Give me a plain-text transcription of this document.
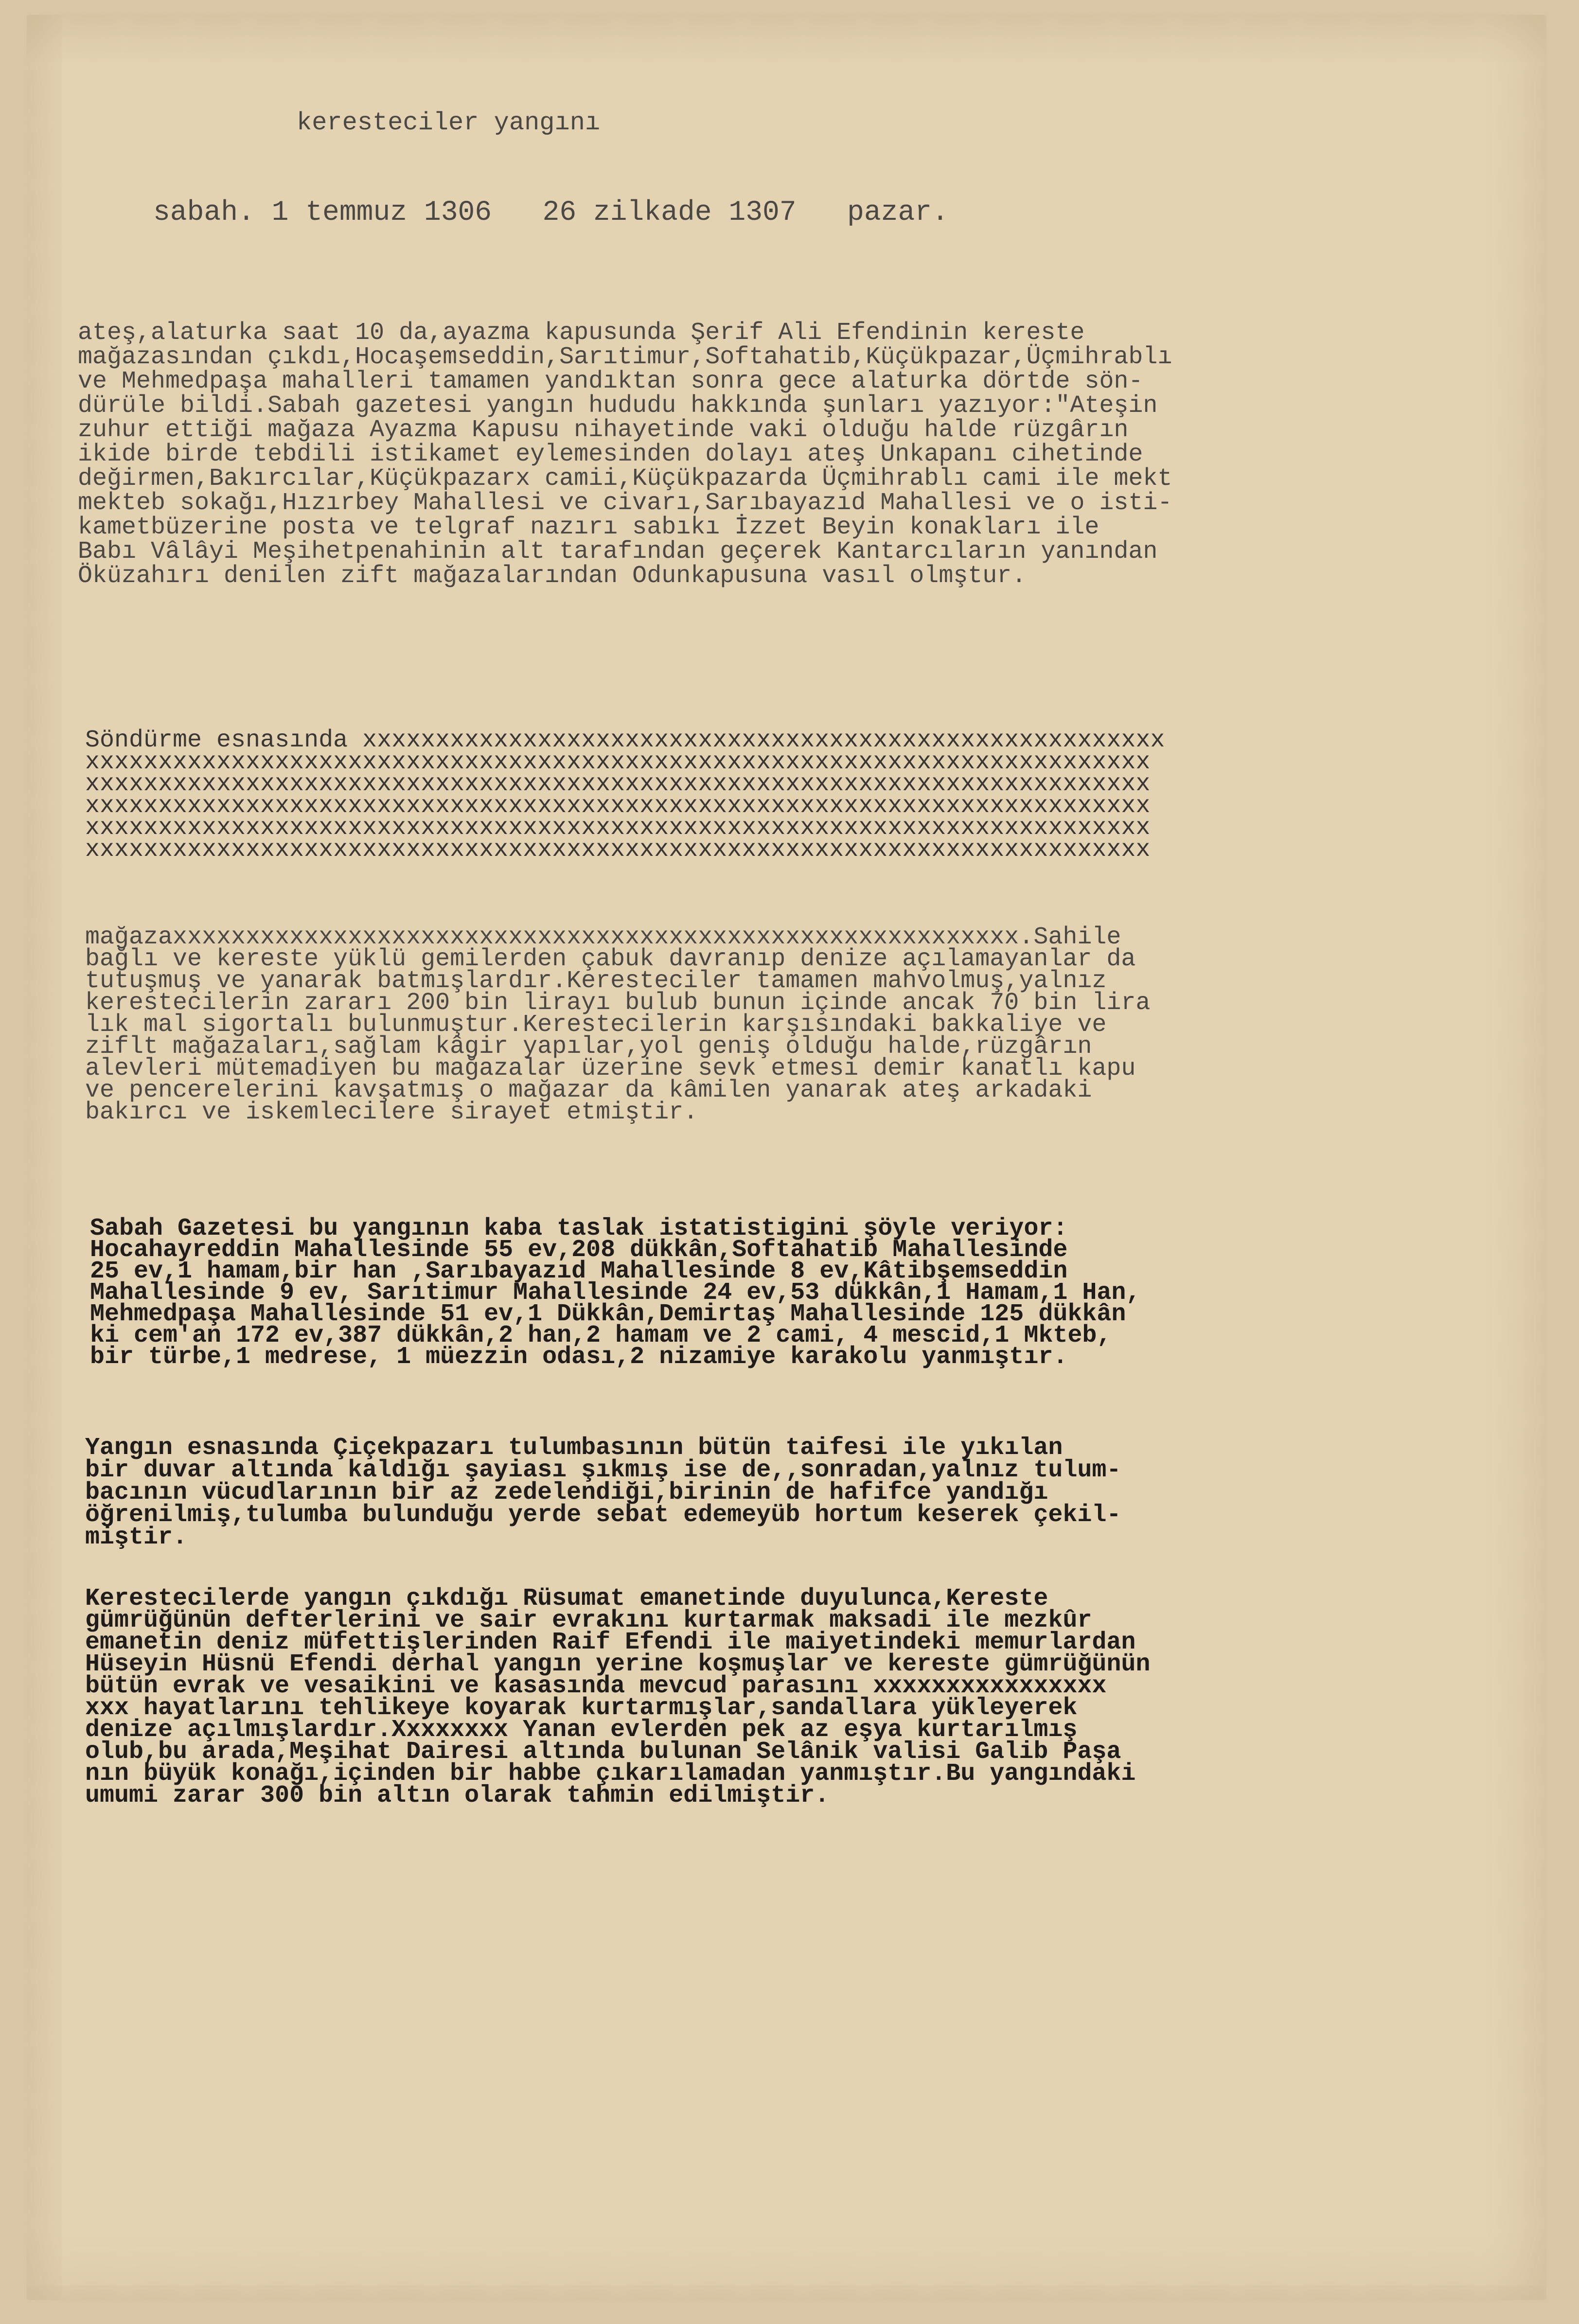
keresteciler yangını
sabah. 1 temmuz 1306   26 zilkade 1307   pazar.
ateş,alaturka saat 10 da,ayazma kapusunda Şerif Ali Efendinin kereste
mağazasından çıkdı,Hocaşemseddin,Sarıtimur,Softahatib,Küçükpazar,Üçmihrablı
ve Mehmedpaşa mahalleri tamamen yandıktan sonra gece alaturka dörtde sön-
dürüle bildi.Sabah gazetesi yangın hududu hakkında şunları yazıyor:"Ateşin
zuhur ettiği mağaza Ayazma Kapusu nihayetinde vaki olduğu halde rüzgârın
ikide birde tebdili istikamet eylemesinden dolayı ateş Unkapanı cihetinde
değirmen,Bakırcılar,Küçükpazarx camii,Küçükpazarda Üçmihrablı cami ile mekt
mekteb sokağı,Hızırbey Mahallesi ve civarı,Sarıbayazıd Mahallesi ve o isti-
kametbüzerine posta ve telgraf nazırı sabıkı İzzet Beyin konakları ile
Babı Vâlâyi Meşihetpenahinin alt tarafından geçerek Kantarcıların yanından
Öküzahırı denilen zift mağazalarından Odunkapusuna vasıl olmştur.
Söndürme esnasında xxxxxxxxxxxxxxxxxxxxxxxxxxxxxxxxxxxxxxxxxxxxxxxxxxxxxxx
xxxxxxxxxxxxxxxxxxxxxxxxxxxxxxxxxxxxxxxxxxxxxxxxxxxxxxxxxxxxxxxxxxxxxxxxx
xxxxxxxxxxxxxxxxxxxxxxxxxxxxxxxxxxxxxxxxxxxxxxxxxxxxxxxxxxxxxxxxxxxxxxxxx
xxxxxxxxxxxxxxxxxxxxxxxxxxxxxxxxxxxxxxxxxxxxxxxxxxxxxxxxxxxxxxxxxxxxxxxxx
xxxxxxxxxxxxxxxxxxxxxxxxxxxxxxxxxxxxxxxxxxxxxxxxxxxxxxxxxxxxxxxxxxxxxxxxx
xxxxxxxxxxxxxxxxxxxxxxxxxxxxxxxxxxxxxxxxxxxxxxxxxxxxxxxxxxxxxxxxxxxxxxxxx
mağazaxxxxxxxxxxxxxxxxxxxxxxxxxxxxxxxxxxxxxxxxxxxxxxxxxxxxxxxxxx.Sahile
bağlı ve kereste yüklü gemilerden çabuk davranıp denize açılamayanlar da
tutuşmuş ve yanarak batmışlardır.Keresteciler tamamen mahvolmuş,yalnız
kerestecilerin zararı 200 bin lirayı bulub bunun içinde ancak 70 bin lira
lık mal sigortalı bulunmuştur.Kerestecilerin karşısındaki bakkaliye ve
ziflt mağazaları,sağlam kâgir yapılar,yol geniş olduğu halde,rüzgârın
alevleri mütemadiyen bu mağazalar üzerine sevk etmesi demir kanatlı kapu
ve pencerelerini kavşatmış o mağazar da kâmilen yanarak ateş arkadaki
bakırcı ve iskemlecilere sirayet etmiştir.
Sabah Gazetesi bu yangının kaba taslak istatistigini şöyle veriyor:
Hocahayreddin Mahallesinde 55 ev,208 dükkân,Softahatib Mahallesinde
25 ev,1 hamam,bir han ,Sarıbayazıd Mahallesinde 8 ev,Kâtibşemseddin
Mahallesinde 9 ev, Sarıtimur Mahallesinde 24 ev,53 dükkân,1 Hamam,1 Han,
Mehmedpaşa Mahallesinde 51 ev,1 Dükkân,Demirtaş Mahallesinde 125 dükkân
ki cem'an 172 ev,387 dükkân,2 han,2 hamam ve 2 cami, 4 mescid,1 Mkteb,
bir türbe,1 medrese, 1 müezzin odası,2 nizamiye karakolu yanmıştır.
Yangın esnasında Çiçekpazarı tulumbasının bütün taifesi ile yıkılan
bir duvar altında kaldığı şayiası şıkmış ise de,,sonradan,yalnız tulum-
bacının vücudlarının bir az zedelendiği,birinin de hafifce yandığı
öğrenilmiş,tulumba bulunduğu yerde sebat edemeyüb hortum keserek çekil-
miştir.
Kerestecilerde yangın çıkdığı Rüsumat emanetinde duyulunca,Kereste
gümrüğünün defterlerini ve sair evrakını kurtarmak maksadi ile mezkûr
emanetin deniz müfettişlerinden Raif Efendi ile maiyetindeki memurlardan
Hüseyin Hüsnü Efendi derhal yangın yerine koşmuşlar ve kereste gümrüğünün
bütün evrak ve vesaikini ve kasasında mevcud parasını xxxxxxxxxxxxxxxx
xxx hayatlarını tehlikeye koyarak kurtarmışlar,sandallara yükleyerek
denize açılmışlardır.Xxxxxxxx Yanan evlerden pek az eşya kurtarılmış
olub,bu arada,Meşihat Dairesi altında bulunan Selânik valisi Galib Paşa
nın büyük konağı,içinden bir habbe çıkarılamadan yanmıştır.Bu yangındaki
umumi zarar 300 bin altın olarak tahmin edilmiştir.
